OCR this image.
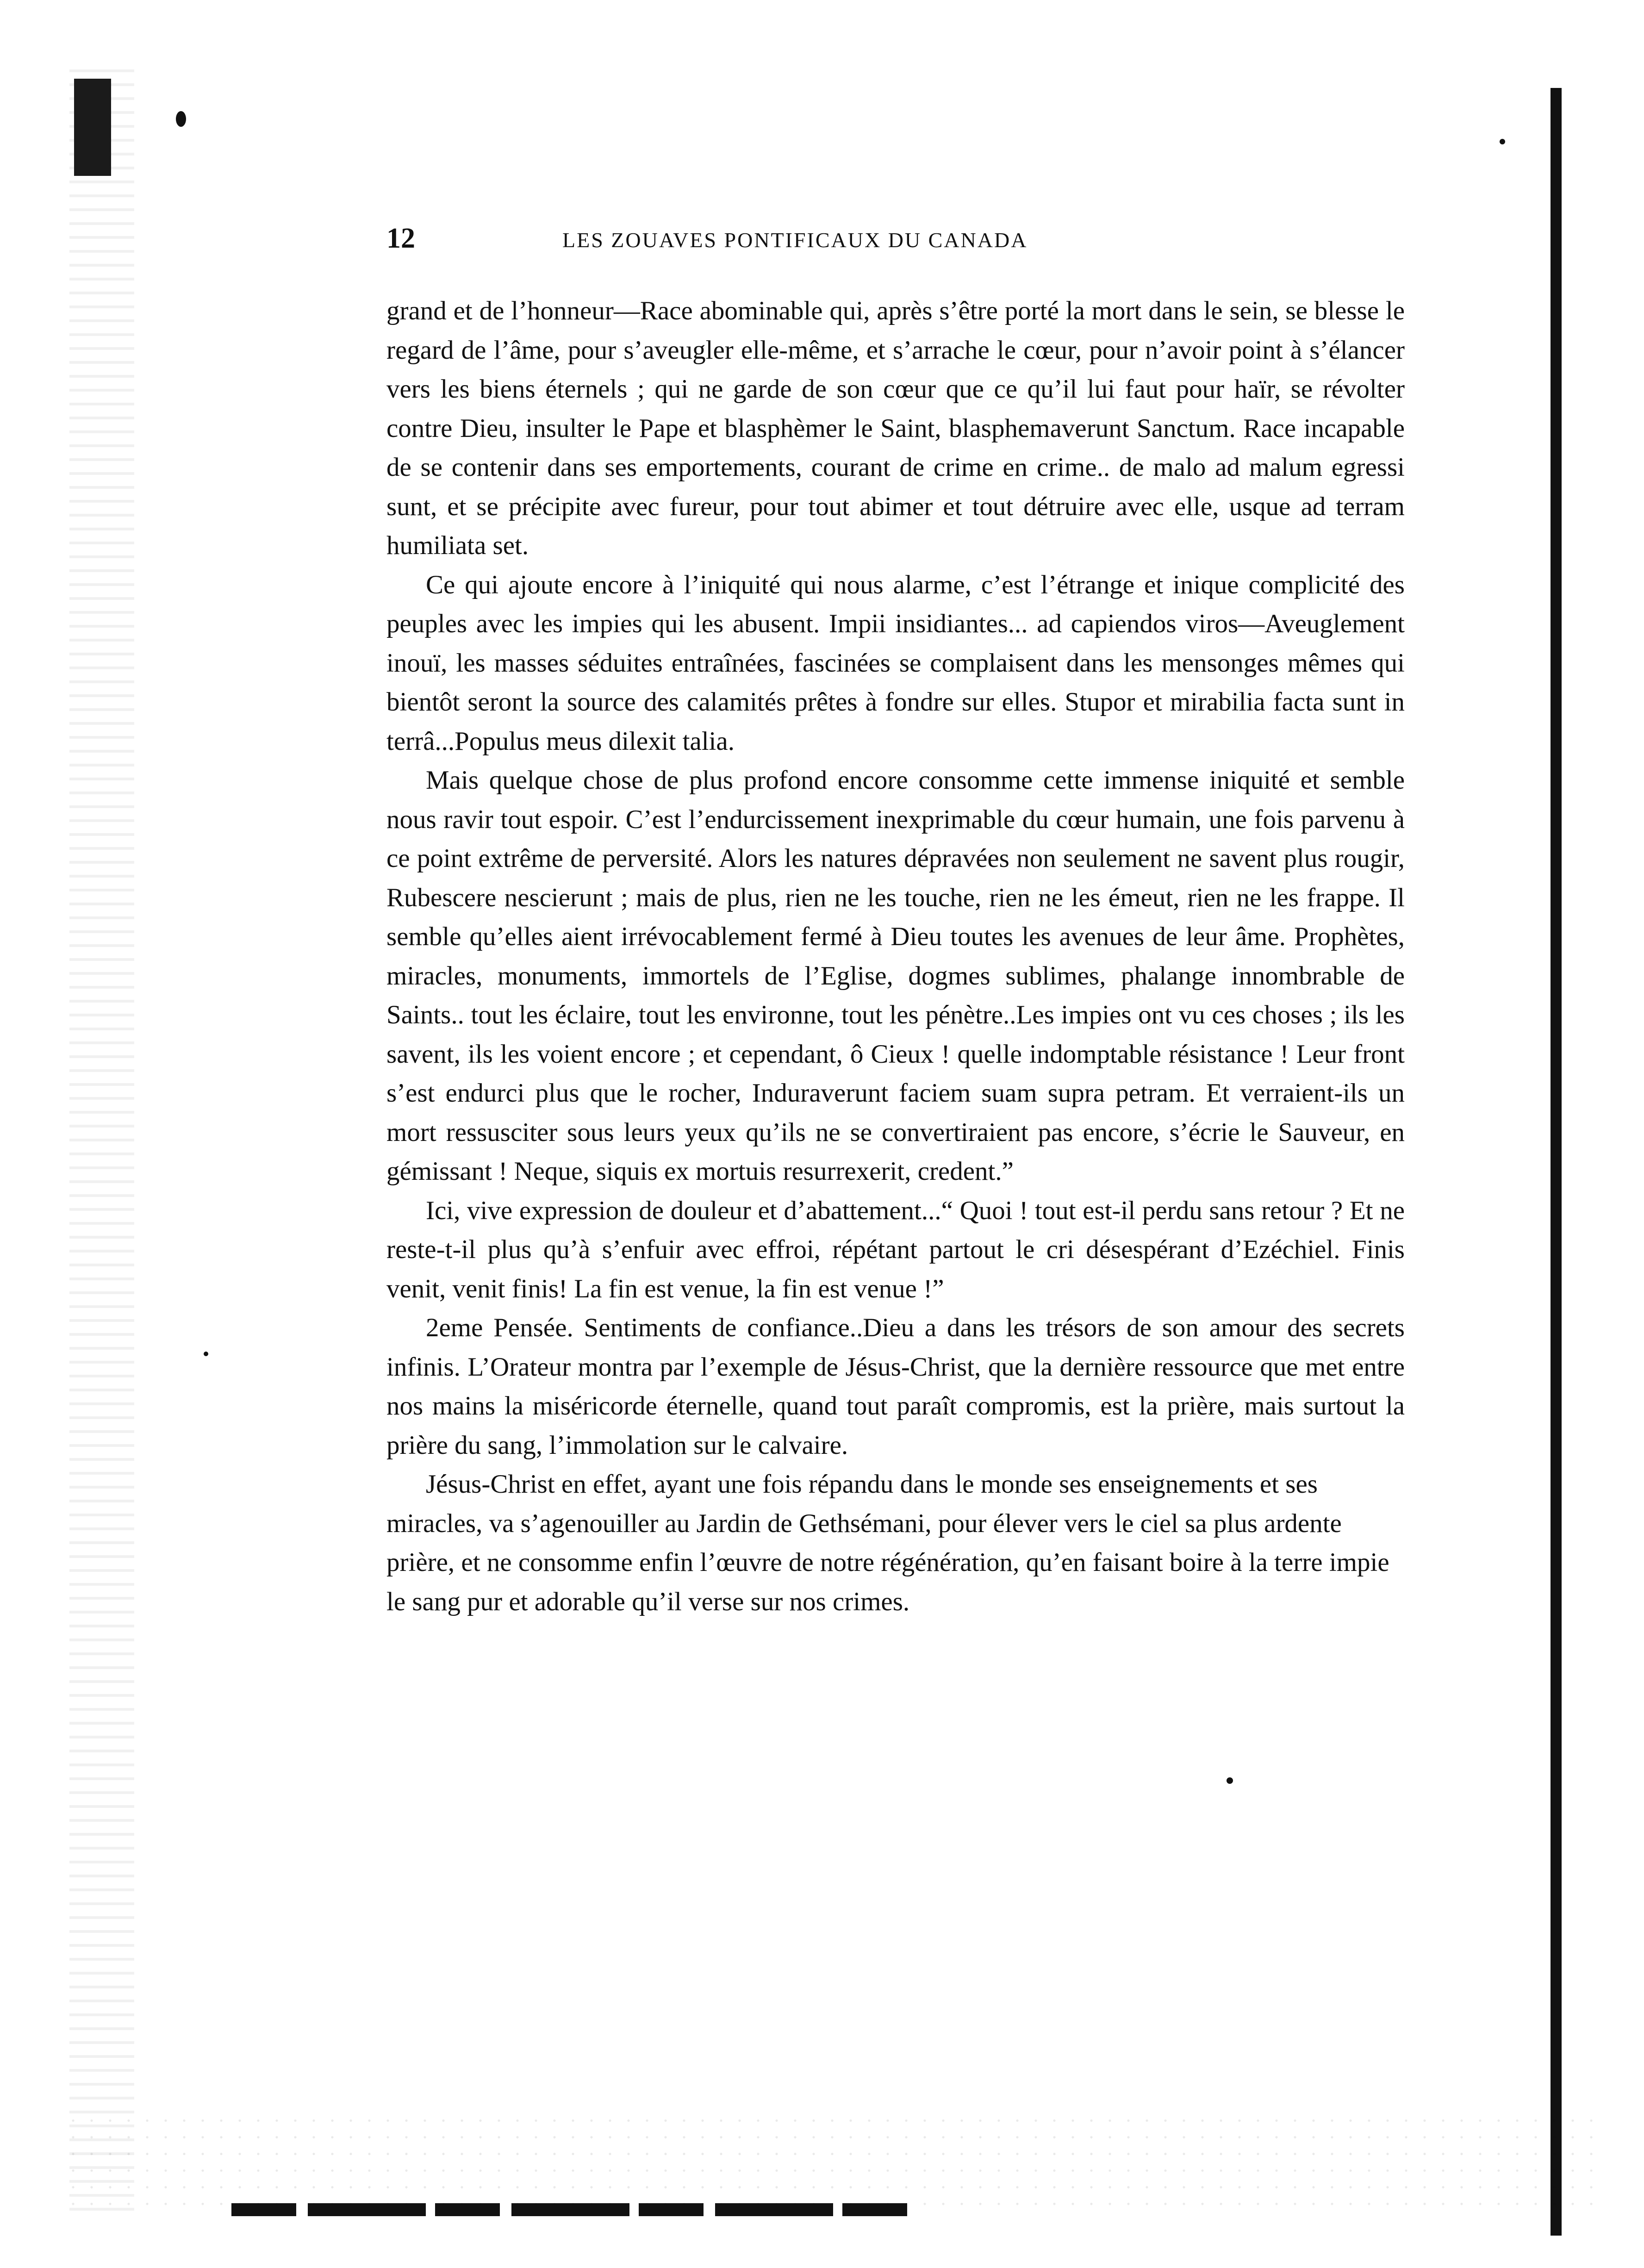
12	LES ZOUAVES PONTIFICAUX DU CANADA

grand et de l’honneur—Race abominable qui, après s’être porté la mort dans le sein, se blesse le regard de l’âme, pour s’aveugler elle-même, et s’arrache le cœur, pour n’avoir point à s’élancer vers les biens éternels ; qui ne garde de son cœur que ce qu’il lui faut pour haïr, se révolter contre Dieu, insulter le Pape et blasphèmer le Saint, blasphemaverunt Sanctum. Race incapable de se contenir dans ses emportements, courant de crime en crime.. de malo ad malum egressi sunt, et se précipite avec fureur, pour tout abimer et tout détruire avec elle, usque ad terram humiliata set.

Ce qui ajoute encore à l’iniquité qui nous alarme, c’est l’étrange et inique complicité des peuples avec les impies qui les abusent. Impii insidiantes... ad capiendos viros—Aveuglement inouï, les masses séduites entraînées, fascinées se complaisent dans les mensonges mêmes qui bientôt seront la source des calamités prêtes à fondre sur elles. Stupor et mirabilia facta sunt in terrâ...Populus meus dilexit talia.

Mais quelque chose de plus profond encore consomme cette immense iniquité et semble nous ravir tout espoir. C’est l’endurcissement inexprimable du cœur humain, une fois parvenu à ce point extrême de perversité. Alors les natures dépravées non seulement ne savent plus rougir, Rubescere nescierunt ; mais de plus, rien ne les touche, rien ne les émeut, rien ne les frappe. Il semble qu’elles aient irrévocablement fermé à Dieu toutes les avenues de leur âme. Prophètes, miracles, monuments, immortels de l’Eglise, dogmes sublimes, phalange innombrable de Saints.. tout les éclaire, tout les environne, tout les pénètre..Les impies ont vu ces choses ; ils les savent, ils les voient encore ; et cependant, ô Cieux ! quelle indomptable résistance ! Leur front s’est endurci plus que le rocher, Induraverunt faciem suam supra petram. Et verraient-ils un mort ressusciter sous leurs yeux qu’ils ne se convertiraient pas encore, s’écrie le Sauveur, en gémissant ! Neque, siquis ex mortuis resurrexerit, credent.”

Ici, vive expression de douleur et d’abattement...“ Quoi ! tout est-il perdu sans retour ? Et ne reste-t-il plus qu’à s’enfuir avec effroi, répétant partout le cri désespérant d’Ezéchiel. Finis venit, venit finis! La fin est venue, la fin est venue !”

2eme Pensée. Sentiments de confiance..Dieu a dans les trésors de son amour des secrets infinis. L’Orateur montra par l’exemple de Jésus-Christ, que la dernière ressource que met entre nos mains la miséricorde éternelle, quand tout paraît compromis, est la prière, mais surtout la prière du sang, l’immolation sur le calvaire.

Jésus-Christ en effet, ayant une fois répandu dans le monde ses enseignements et ses miracles, va s’agenouiller au Jardin de Gethsémani, pour élever vers le ciel sa plus ardente prière, et ne consomme enfin l’œuvre de notre régénération, qu’en faisant boire à la terre impie le sang pur et adorable qu’il verse sur nos crimes.
